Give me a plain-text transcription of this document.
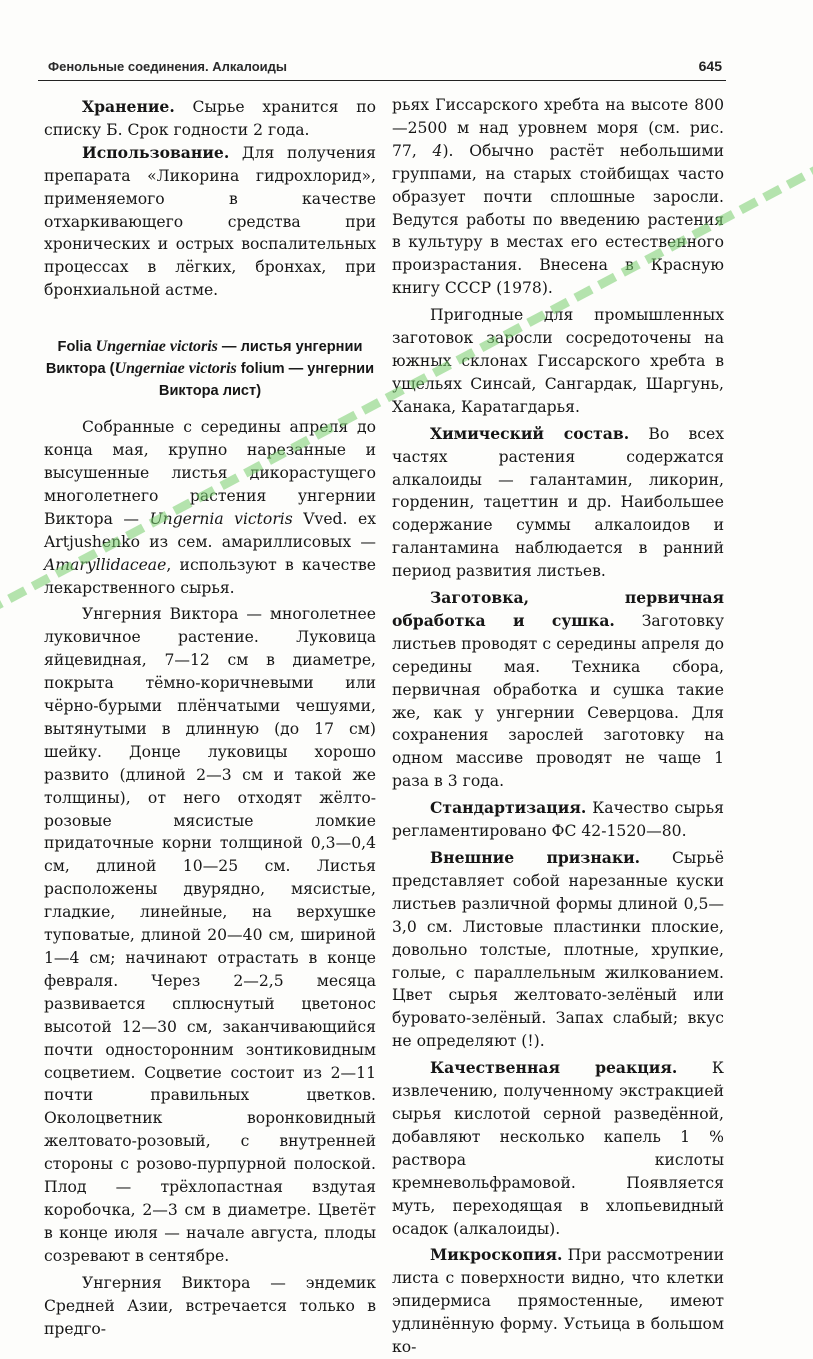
Фенольные соединения. Алкалоиды	645

Хранение. Сырье хранится по списку Б. Срок годности 2 года.

Использование. Для получения препарата «Ликорина гидрохлорид», применяемого в качестве отхаркивающего средства при хронических и острых воспалительных процессах в лёгких, бронхах, при бронхиальной астме.

Folia Ungerniae victoris — листья унгернии Виктора (Ungerniae victoris folium — унгернии Виктора лист)

Собранные с середины апреля до конца мая, крупно нарезанные и высушенные листья дикорастущего многолетнего растения унгернии Виктора — Ungernia victoris Vved. ex Artjushenko из сем. амариллисовых — Amaryllidaceae, используют в качестве лекарственного сырья.

Унгерния Виктора — многолетнее луковичное растение. Луковица яйцевидная, 7—12 см в диаметре, покрыта тёмно-коричневыми или чёрно-бурыми плёнчатыми чешуями, вытянутыми в длинную (до 17 см) шейку. Донце луковицы хорошо развито (длиной 2—3 см и такой же толщины), от него отходят жёлто-розовые мясистые ломкие придаточные корни толщиной 0,3—0,4 см, длиной 10—25 см. Листья расположены двурядно, мясистые, гладкие, линейные, на верхушке туповатые, длиной 20—40 см, шириной 1—4 см; начинают отрастать в конце февраля. Через 2—2,5 месяца развивается сплюснутый цветонос высотой 12—30 см, заканчивающийся почти односторонним зонтиковидным соцветием. Соцветие состоит из 2—11 почти правильных цветков. Околоцветник воронковидный желтовато-розовый, с внутренней стороны с розово-пурпурной полоской. Плод — трёхлопастная вздутая коробочка, 2—3 см в диаметре. Цветёт в конце июля — начале августа, плоды созревают в сентябре.

Унгерния Виктора — эндемик Средней Азии, встречается только в предго-

рьях Гиссарского хребта на высоте 800—2500 м над уровнем моря (см. рис. 77, 4). Обычно растёт небольшими группами, на старых стойбищах часто образует почти сплошные заросли. Ведутся работы по введению растения в культуру в местах его естественного произрастания. Внесена в Красную книгу СССР (1978).

Пригодные для промышленных заготовок заросли сосредоточены на южных склонах Гиссарского хребта в ущельях Синсай, Сангардак, Шаргунь, Ханака, Каратагдарья.

Химический состав. Во всех частях растения содержатся алкалоиды — галантамин, ликорин, горденин, тацеттин и др. Наибольшее содержание суммы алкалоидов и галантамина наблюдается в ранний период развития листьев.

Заготовка, первичная обработка и сушка. Заготовку листьев проводят с середины апреля до середины мая. Техника сбора, первичная обработка и сушка такие же, как у унгернии Северцова. Для сохранения зарослей заготовку на одном массиве проводят не чаще 1 раза в 3 года.

Стандартизация. Качество сырья регламентировано ФС 42-1520—80.

Внешние признаки. Сырьё представляет собой нарезанные куски листьев различной формы длиной 0,5—3,0 см. Листовые пластинки плоские, довольно толстые, плотные, хрупкие, голые, с параллельным жилкованием. Цвет сырья желтовато-зелёный или буровато-зелёный. Запах слабый; вкус не определяют (!).

Качественная реакция. К извлечению, полученному экстракцией сырья кислотой серной разведённой, добавляют несколько капель 1 % раствора кислоты кремневольфрамовой. Появляется муть, переходящая в хлопьевидный осадок (алкалоиды).

Микроскопия. При рассмотрении листа с поверхности видно, что клетки эпидермиса прямостенные, имеют удлинённую форму. Устьица в большом ко-
